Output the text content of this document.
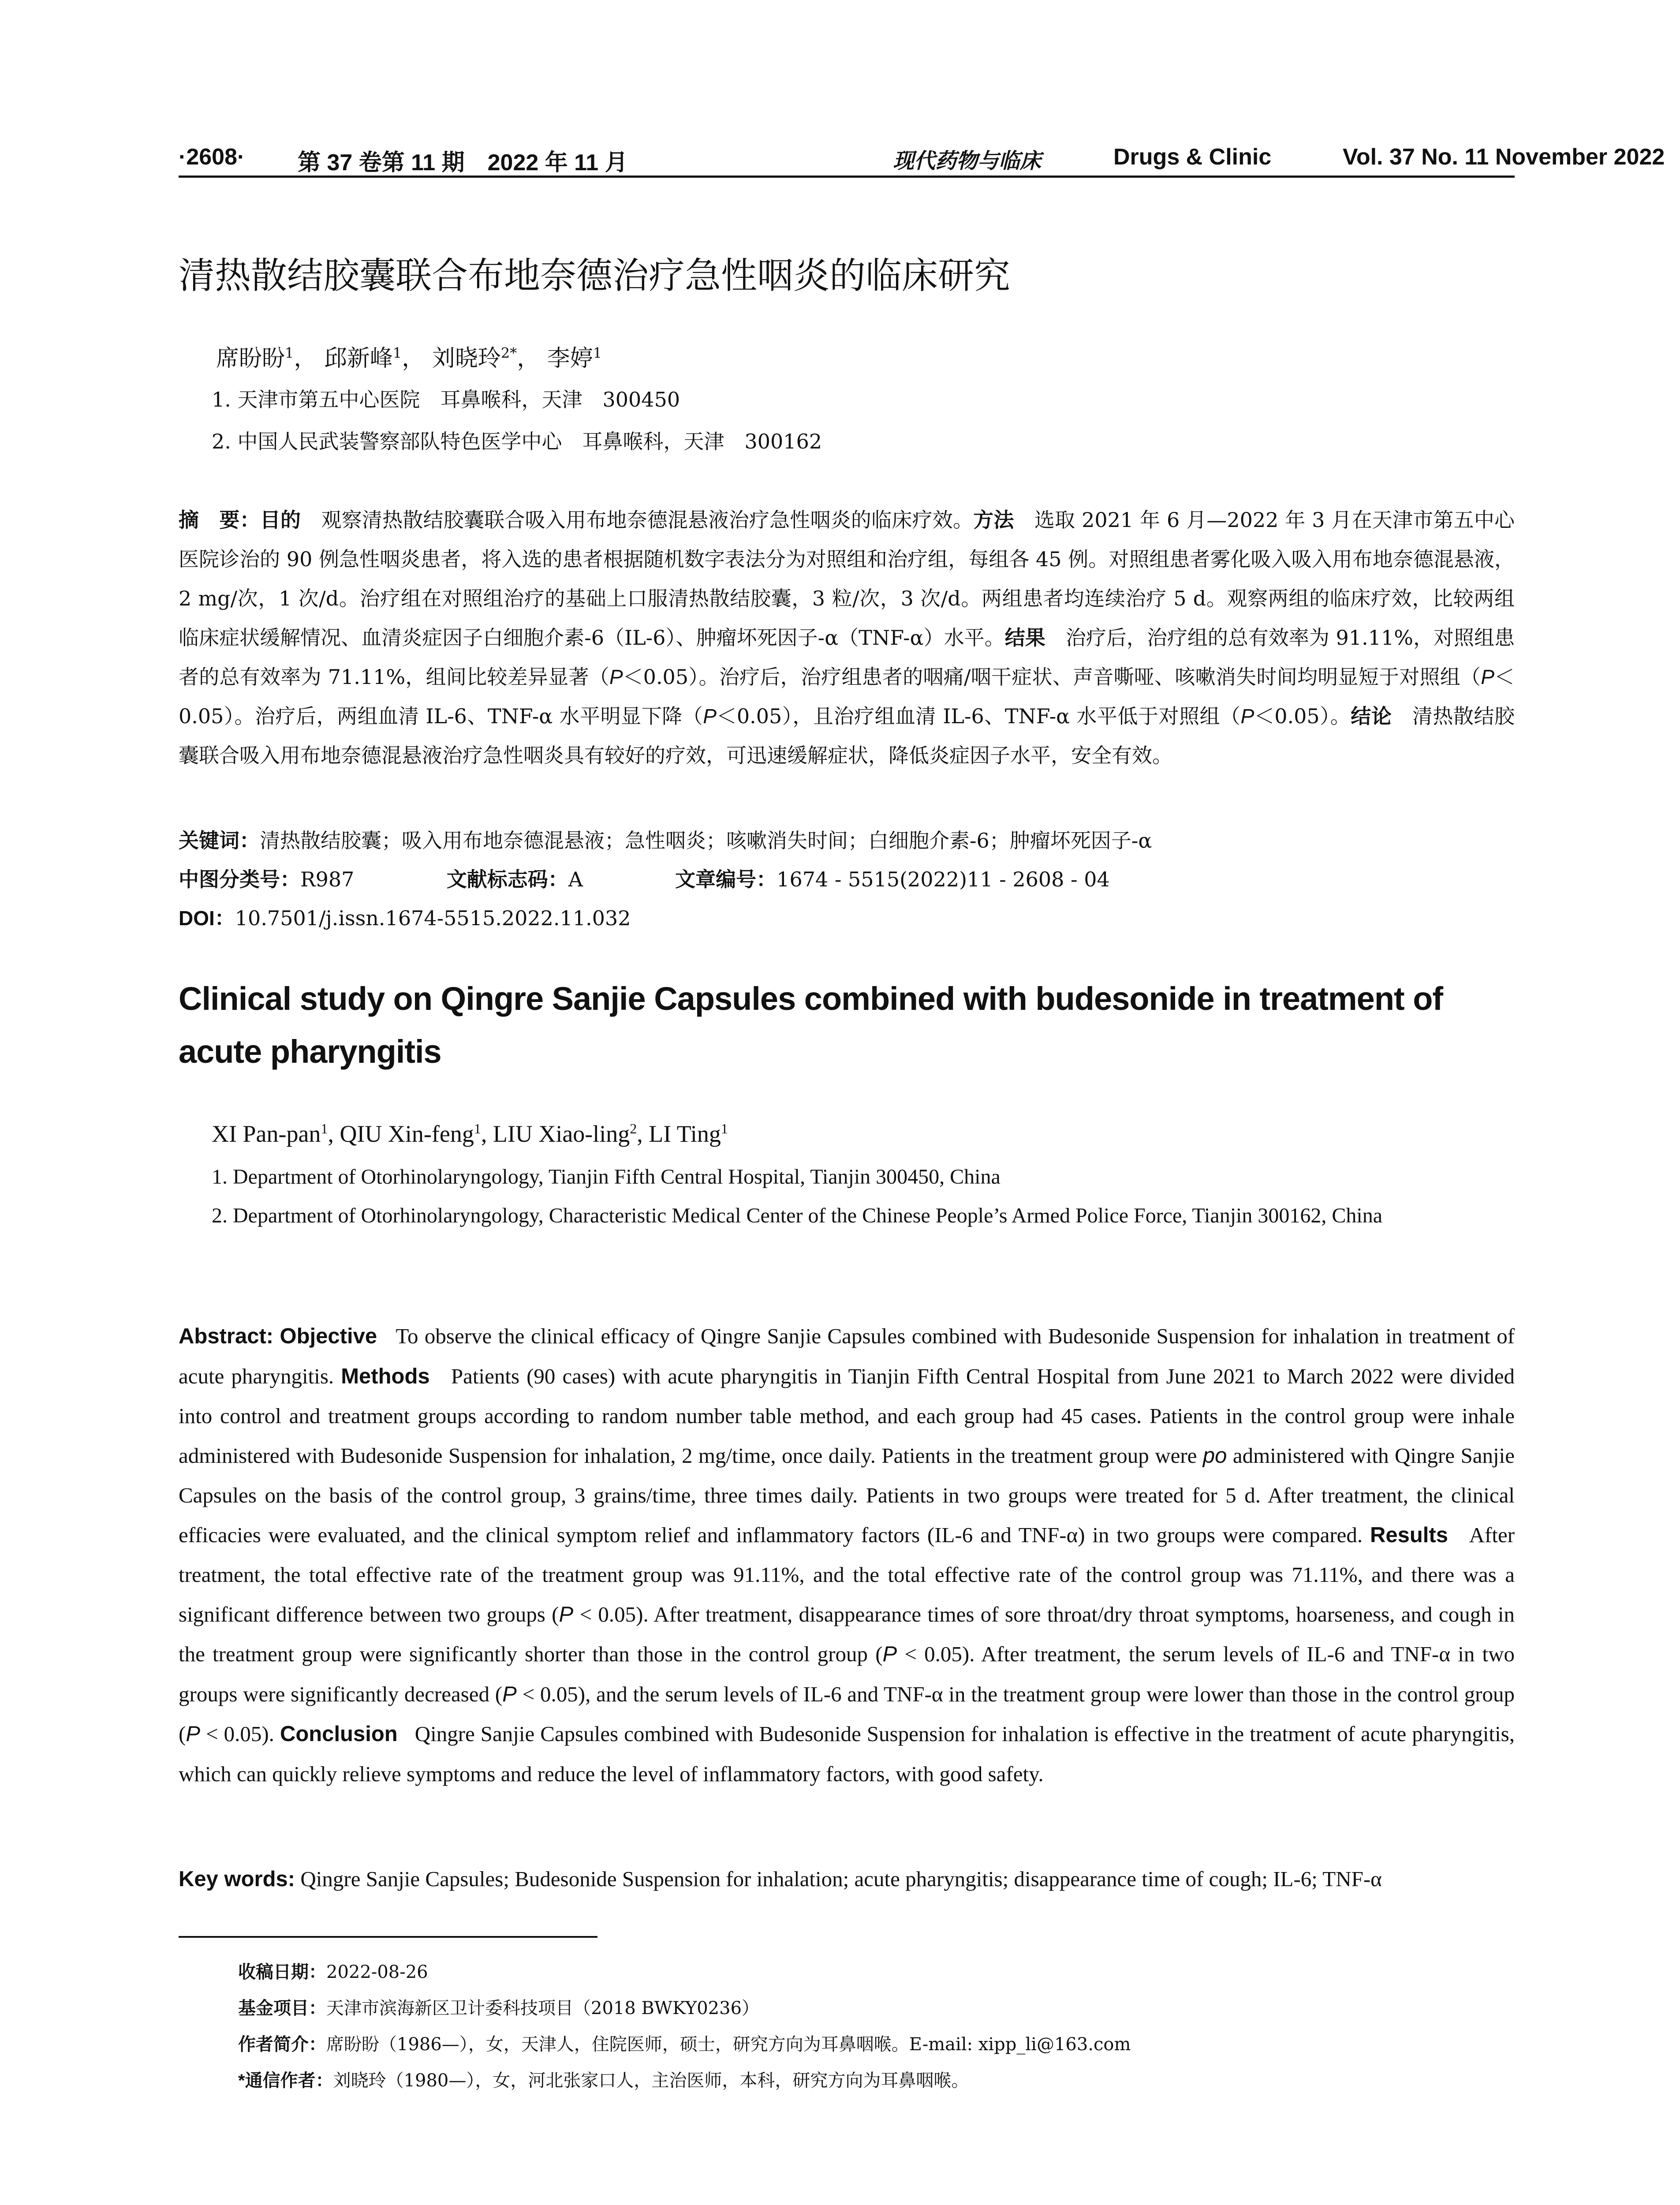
·2608· 第 37 卷第 11 期　2022 年 11 月	现代药物与临床	Drugs & Clinic	Vol. 37 No. 11 November 2022
清热散结胶囊联合布地奈德治疗急性咽炎的临床研究
席盼盼$^1$， 邱新峰$^1$， 刘晓玲$^{2*}$， 李婷$^1$
1. 天津市第五中心医院　耳鼻喉科，天津　300450
2. 中国人民武装警察部队特色医学中心　耳鼻喉科，天津　300162
摘　要：目的　 观察清热散结胶囊联合吸入用布地奈德混悬液治疗急性咽炎的临床疗效。方法　 选取 2021 年 6 月—2022 年 3 月在天津市第五中心医院诊治的 90 例急性咽炎患者，将入选的患者根据随机数字表法分为对照组和治疗组，每组各 45 例。对照组患者雾化吸入吸入用布地奈德混悬液，2 mg/次，1 次/d。治疗组在对照组治疗的基础上口服清热散结胶囊，3 粒/次，3 次/d。两组患者均连续治疗 5 d。观察两组的临床疗效，比较两组临床症状缓解情况、血清炎症因子白细胞介素-6（IL-6）、肿瘤坏死因子-α（TNF-α）水平。结果　 治疗后，治疗组的总有效率为 91.11%，对照组患者的总有效率为 71.11%，组间比较差异显著（P＜0.05）。治疗后，治疗组患者的咽痛/咽干症状、声音嘶哑、咳嗽消失时间均明显短于对照组（P＜0.05）。治疗后，两组血清 IL-6、TNF-α 水平明显下降（P＜0.05），且治疗组血清 IL-6、TNF-α 水平低于对照组（P＜0.05）。结论　 清热散结胶囊联合吸入用布地奈德混悬液治疗急性咽炎具有较好的疗效，可迅速缓解症状，降低炎症因子水平，安全有效。
关键词：清热散结胶囊；吸入用布地奈德混悬液；急性咽炎；咳嗽消失时间；白细胞介素-6；肿瘤坏死因子-α
中图分类号：R987	文献标志码：A	文章编号：1674 - 5515(2022)11 - 2608 - 04
DOI：10.7501/j.issn.1674-5515.2022.11.032
Clinical study on Qingre Sanjie Capsules combined with budesonide in treatment of acute pharyngitis
XI Pan-pan$^1$, QIU Xin-feng$^1$, LIU Xiao-ling$^2$, LI Ting$^1$
1. Department of Otorhinolaryngology, Tianjin Fifth Central Hospital, Tianjin 300450, China
2. Department of Otorhinolaryngology, Characteristic Medical Center of the Chinese People’s Armed Police Force, Tianjin 300162, China
Abstract: Objective To observe the clinical efficacy of Qingre Sanjie Capsules combined with Budesonide Suspension for inhalation in treatment of acute pharyngitis. Methods Patients (90 cases) with acute pharyngitis in Tianjin Fifth Central Hospital from June 2021 to March 2022 were divided into control and treatment groups according to random number table method, and each group had 45 cases. Patients in the control group were inhale administered with Budesonide Suspension for inhalation, 2 mg/time, once daily. Patients in the treatment group were po administered with Qingre Sanjie Capsules on the basis of the control group, 3 grains/time, three times daily. Patients in two groups were treated for 5 d. After treatment, the clinical efficacies were evaluated, and the clinical symptom relief and inflammatory factors (IL-6 and TNF-α) in two groups were compared. Results After treatment, the total effective rate of the treatment group was 91.11%, and the total effective rate of the control group was 71.11%, and there was a significant difference between two groups (P < 0.05). After treatment, disappearance times of sore throat/dry throat symptoms, hoarseness, and cough in the treatment group were significantly shorter than those in the control group (P < 0.05). After treatment, the serum levels of IL-6 and TNF-α in two groups were significantly decreased (P < 0.05), and the serum levels of IL-6 and TNF-α in the treatment group were lower than those in the control group (P < 0.05). Conclusion Qingre Sanjie Capsules combined with Budesonide Suspension for inhalation is effective in the treatment of acute pharyngitis, which can quickly relieve symptoms and reduce the level of inflammatory factors, with good safety.
Key words: Qingre Sanjie Capsules; Budesonide Suspension for inhalation; acute pharyngitis; disappearance time of cough; IL-6; TNF-α
收稿日期：2022-08-26
基金项目：天津市滨海新区卫计委科技项目（2018 BWKY0236）
作者简介：席盼盼（1986—），女，天津人，住院医师，硕士，研究方向为耳鼻咽喉。E-mail: xipp_li@163.com
*通信作者：刘晓玲（1980—），女，河北张家口人，主治医师，本科，研究方向为耳鼻咽喉。
